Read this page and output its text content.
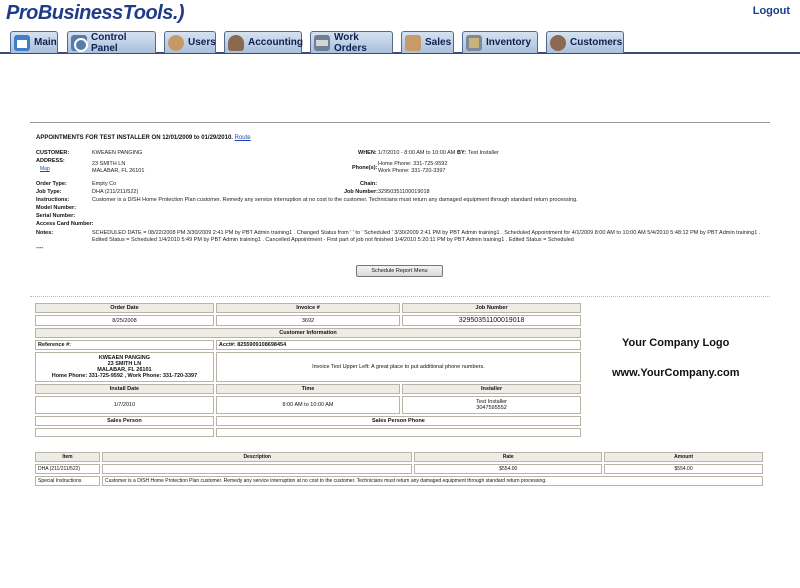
ProBusinessTools.)	Logout
Main	Control Panel	Users	Accounting	Work Orders	Sales	Inventory	Customers
APPOINTMENTS FOR TEST INSTALLER ON 12/01/2009 to 01/29/2010. Route
CUSTOMER:	KWEAEN PANGING
ADDRESS:
Map
23 SMITH LN
MALABAR, FL 26101
WHEN: 1/7/2010 - 8:00 AM to 10:00 AM BY: Test Installer
Phone(s):
Home Phone: 331-725-9592
Work Phone: 331-720-3397
Order Type:	Empty Co	Chain:
Job Type:	DHA (211/211/522)	Job Number: 32950351100019018
Instructions:	Customer is a DISH Home Protection Plan customer. Remedy any service interruption at no cost to the customer. Technicians must return any damaged equipment through standard return processing.
Model Number:
Serial Number:
Access Card Number:
Notes:	SCHEDULED DATE = 08/22/2008 PM 3/30/2009 2:41 PM by PBT Admin training1 . Changed Status from ' ' to ' Scheduled ' 3/30/2009 2:41 PM by PBT Admin training1 . Scheduled Appointment for 4/1/2009 8:00 AM to 10:00 AM 5/4/2010 5:48:12 PM by PBT Admin training1 . Edited Status = Scheduled 1/4/2010 5:49 PM by PBT Admin training1 . Cancelled Appointment - First part of job not finished 1/4/2010 5:20:11 PM by PBT Admin training1 . Edited Status = Scheduled
----
Schedule Report Menu
Order Date	Invoice #	Job Number
8/25/2008	3692	32950351100019018
Customer Information		
Reference #:	Acct#: 8255909108698454	

KWEAEN PANGING
23 SMITH LN
MALABAR, FL 26101
Home Phone: 331-725-9592 , Work Phone: 331-720-3397	Invoice Text Upper Left: A great place to put additional phone numbers.	
Install Date	Time	Installer
1/7/2010	8:00 AM to 10:00 AM	Test Installer
3047595552

Sales Person	Sales Person Phone	

Your Company Logo
www.YourCompany.com
Item	Description	Rate	Amount
DHA (211/211/522)		$554.00	$554.00
Special Instructions	Customer is a DISH Home Protection Plan customer. Remedy any service interruption at no cost to the customer. Technicians must return any damaged equipment through standard return processing.		
